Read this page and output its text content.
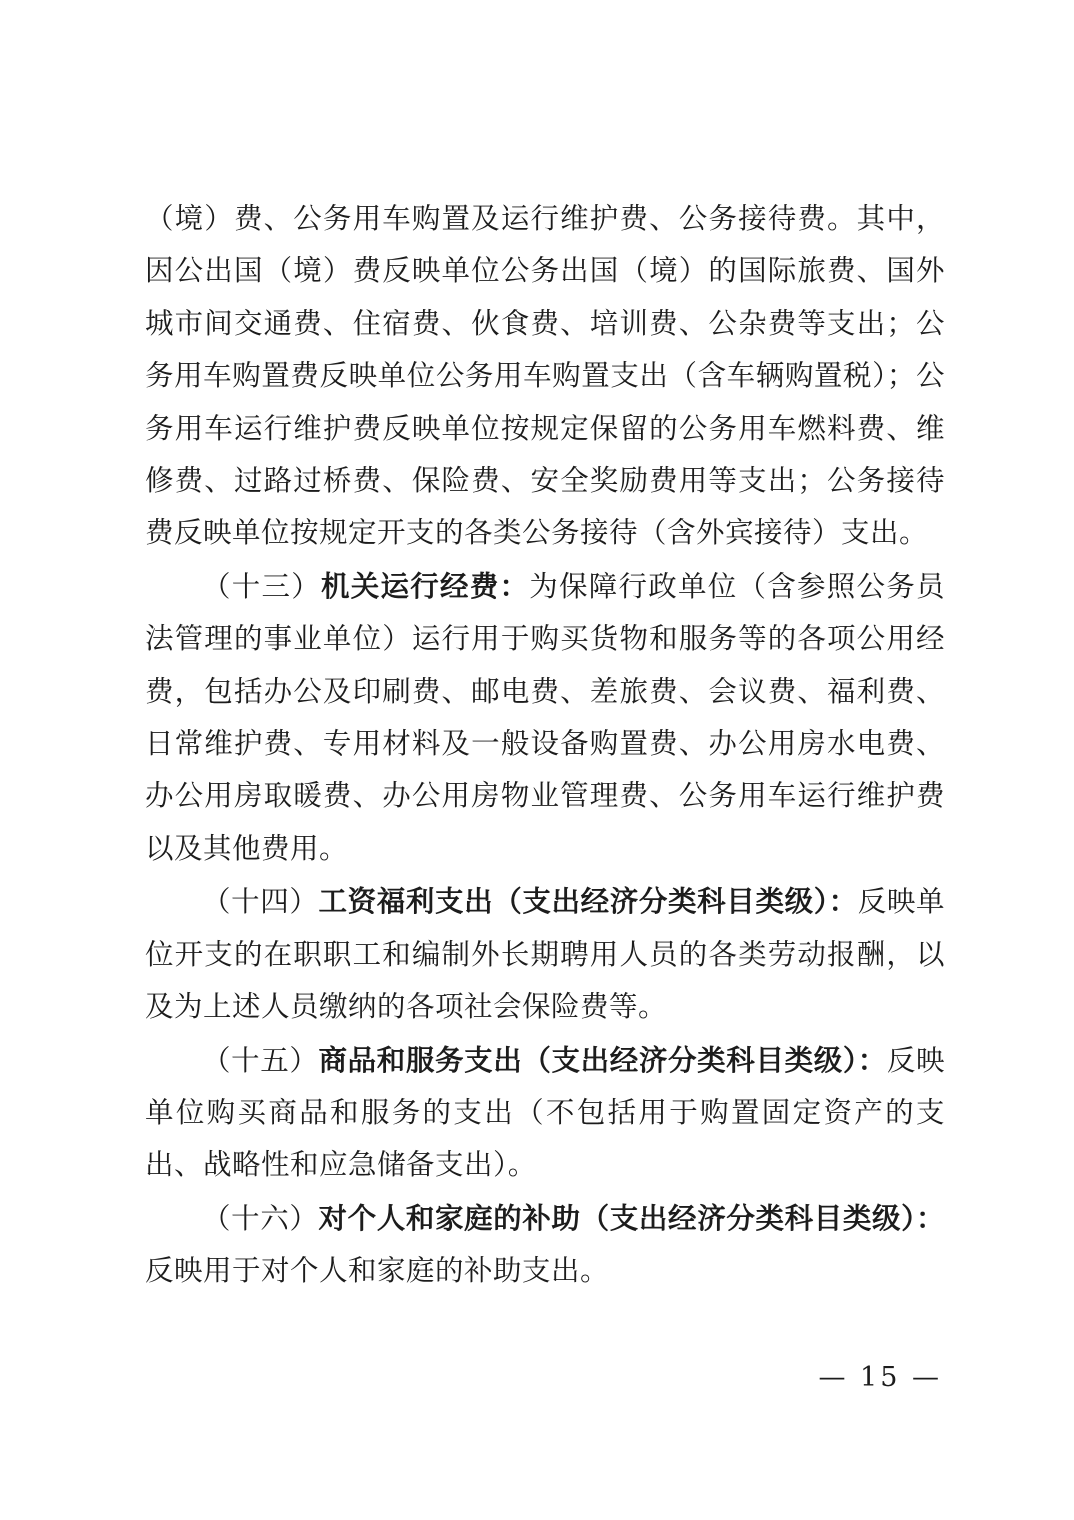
（境）费、公务用车购置及运行维护费、公务接待费。其中，因公出国（境）费反映单位公务出国（境）的国际旅费、国外城市间交通费、住宿费、伙食费、培训费、公杂费等支出；公务用车购置费反映单位公务用车购置支出（含车辆购置税）；公务用车运行维护费反映单位按规定保留的公务用车燃料费、维修费、过路过桥费、保险费、安全奖励费用等支出；公务接待费反映单位按规定开支的各类公务接待（含外宾接待）支出。

（十三）机关运行经费：为保障行政单位（含参照公务员法管理的事业单位）运行用于购买货物和服务等的各项公用经费，包括办公及印刷费、邮电费、差旅费、会议费、福利费、日常维护费、专用材料及一般设备购置费、办公用房水电费、办公用房取暖费、办公用房物业管理费、公务用车运行维护费以及其他费用。

（十四）工资福利支出（支出经济分类科目类级）：反映单位开支的在职职工和编制外长期聘用人员的各类劳动报酬，以及为上述人员缴纳的各项社会保险费等。

（十五）商品和服务支出（支出经济分类科目类级）：反映单位购买商品和服务的支出（不包括用于购置固定资产的支出、战略性和应急储备支出）。

（十六）对个人和家庭的补助（支出经济分类科目类级）：反映用于对个人和家庭的补助支出。

— 15 —
